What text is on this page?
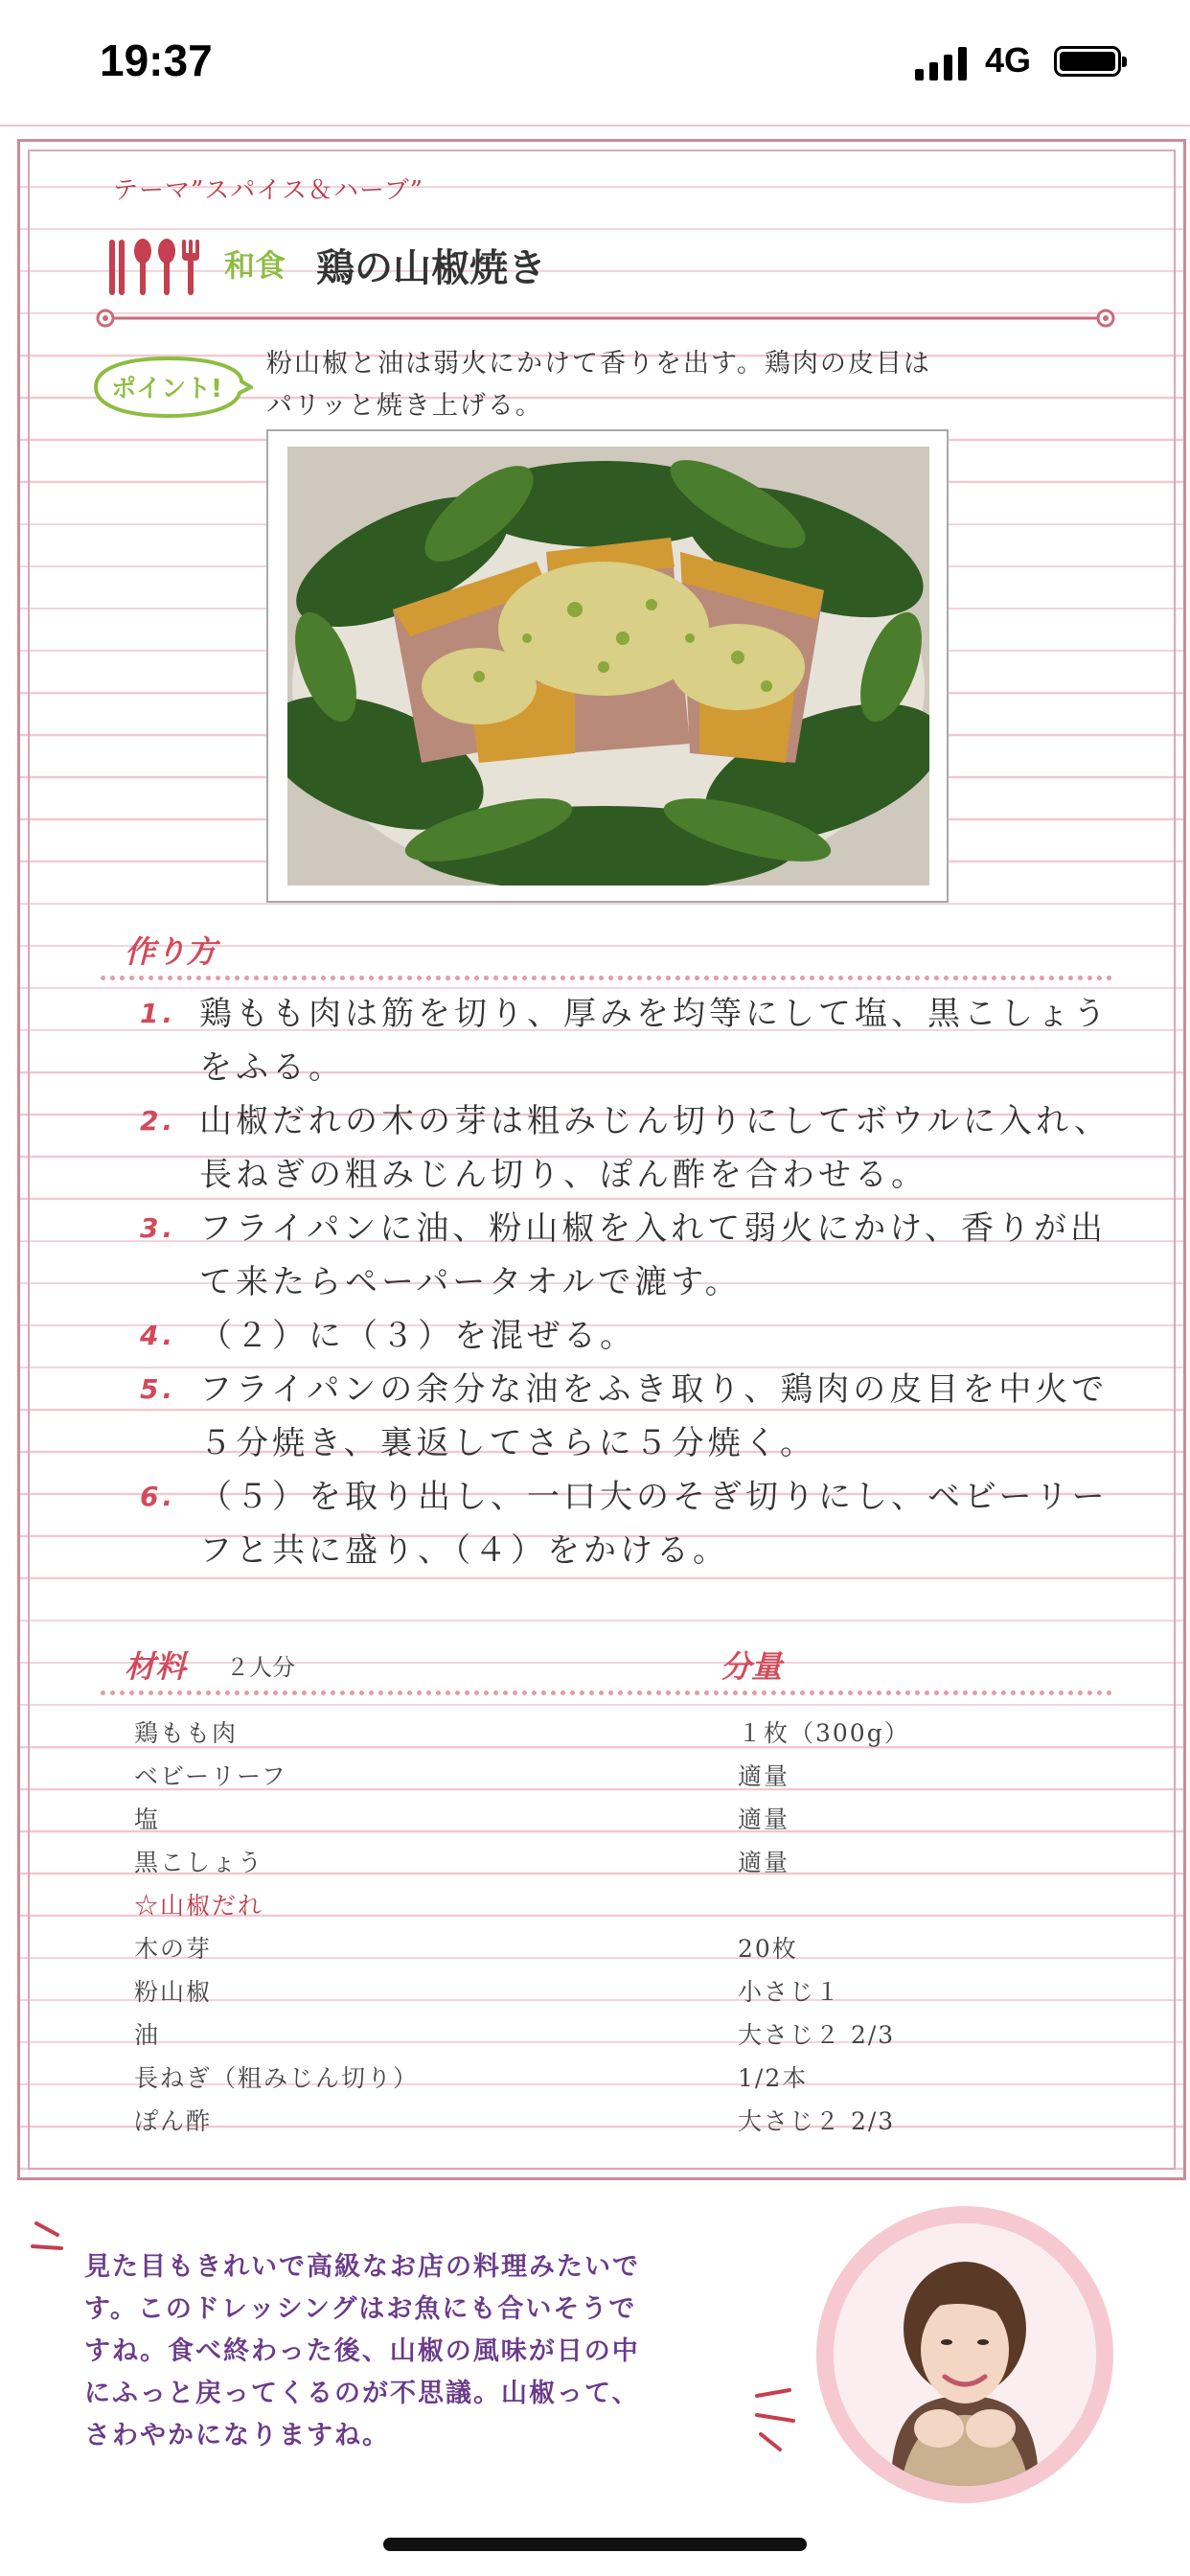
19:37	4G
テーマ”スパイス＆ハーブ”
和食 鶏の山椒焼き
ポイント!
粉山椒と油は弱火にかけて香りを出す。鶏肉の皮目はパリッと焼き上げる。
作り方
1. 鶏もも肉は筋を切り、厚みを均等にして塩、黒こしょうをふる。
2. 山椒だれの木の芽は粗みじん切りにしてボウルに入れ、長ねぎの粗みじん切り、ぽん酢を合わせる。
3. フライパンに油、粉山椒を入れて弱火にかけ、香りが出て来たらペーパータオルで漉す。
4. （２）に（３）を混ぜる。
5. フライパンの余分な油をふき取り、鶏肉の皮目を中火で５分焼き、裏返してさらに５分焼く。
6. （５）を取り出し、一口大のそぎ切りにし、ベビーリーフと共に盛り、（４）をかける。
材料 ２人分	分量
鶏もも肉	１枚（300g）
ベビーリーフ	適量
塩	適量
黒こしょう	適量
☆山椒だれ
木の芽	20枚
粉山椒	小さじ１
油	大さじ２ 2/3
長ねぎ（粗みじん切り）	1/2本
ぽん酢	大さじ２ 2/3
見た目もきれいで高級なお店の料理みたいで
す。このドレッシングはお魚にも合いそうで
すね。食べ終わった後、山椒の風味が日の中
にふっと戻ってくるのが不思議。山椒って、
さわやかになりますね。
